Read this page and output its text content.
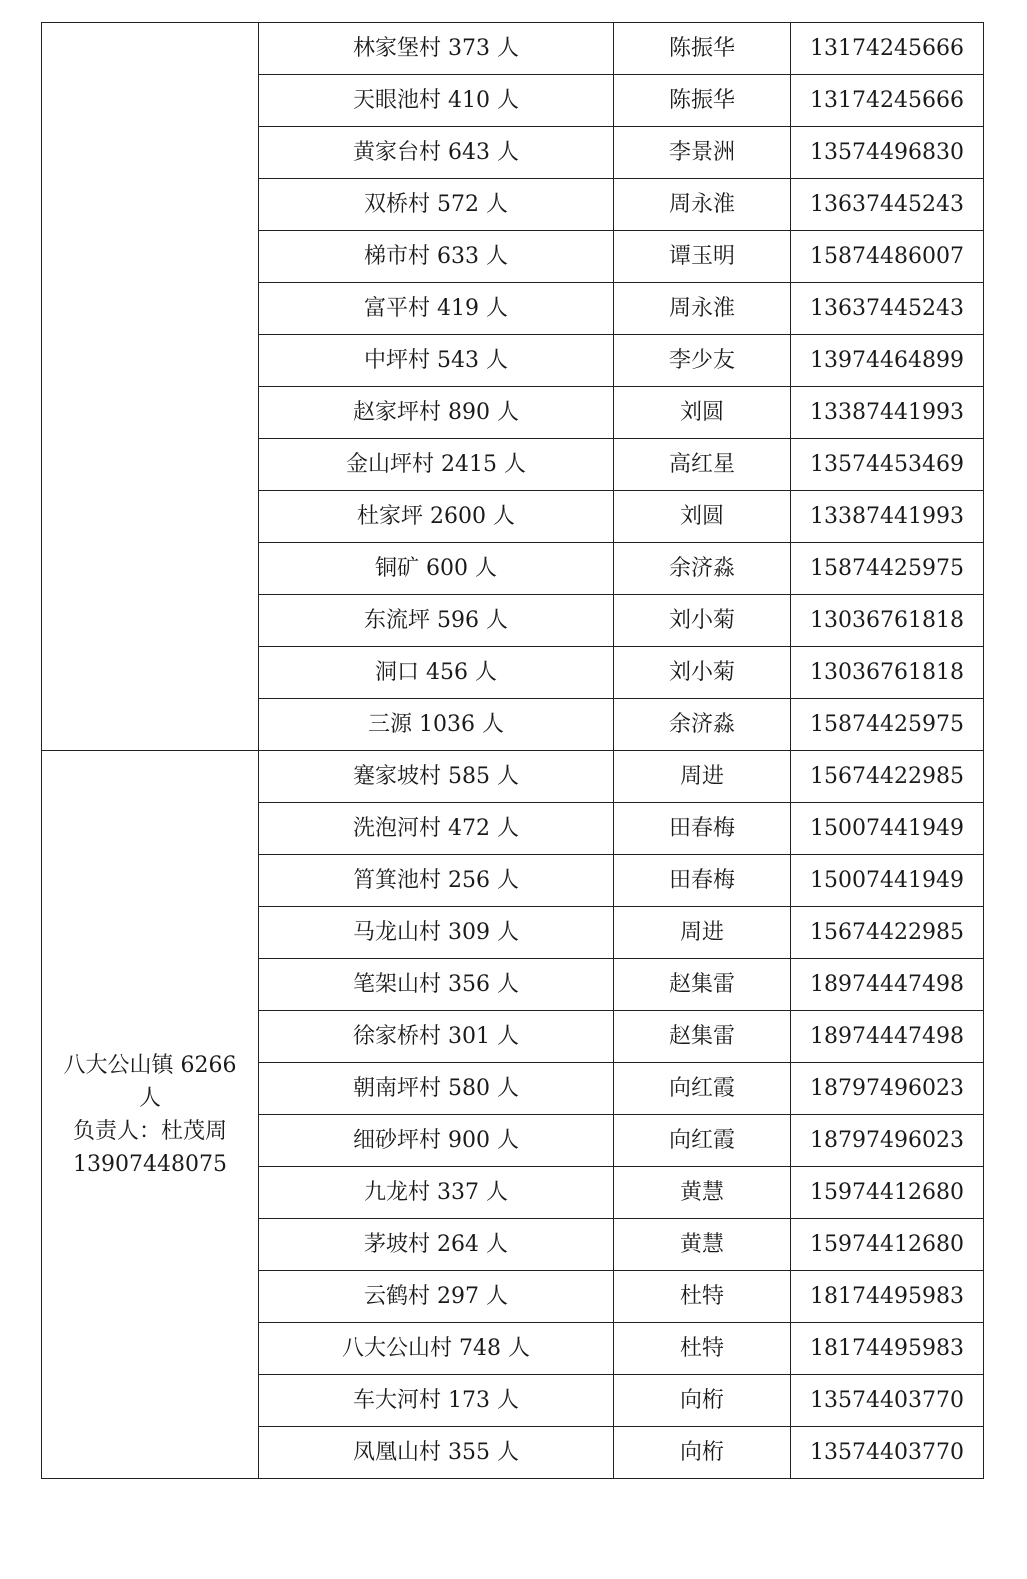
	林家堡村 373 人	陈振华	13174245666
	天眼池村 410 人	陈振华	13174245666
	黄家台村 643 人	李景洲	13574496830
	双桥村 572 人	周永淮	13637445243
	梯市村 633 人	谭玉明	15874486007
	富平村 419 人	周永淮	13637445243
	中坪村 543 人	李少友	13974464899
	赵家坪村 890 人	刘圆	13387441993
	金山坪村 2415 人	高红星	13574453469
	杜家坪 2600 人	刘圆	13387441993
	铜矿 600 人	余济淼	15874425975
	东流坪 596 人	刘小菊	13036761818
	洞口 456 人	刘小菊	13036761818
	三源 1036 人	余济淼	15874425975

八大公山镇 6266
人
负责人：杜茂周
13907448075	蹇家坡村 585 人	周进	15674422985
	洗泡河村 472 人	田春梅	15007441949
	筲箕池村 256 人	田春梅	15007441949
	马龙山村 309 人	周进	15674422985
	笔架山村 356 人	赵集雷	18974447498
	徐家桥村 301 人	赵集雷	18974447498
	朝南坪村 580 人	向红霞	18797496023
	细砂坪村 900 人	向红霞	18797496023
	九龙村 337 人	黄慧	15974412680
	茅坡村 264 人	黄慧	15974412680
	云鹤村 297 人	杜特	18174495983
	八大公山村 748 人	杜特	18174495983
	车大河村 173 人	向桁	13574403770
	凤凰山村 355 人	向桁	13574403770
